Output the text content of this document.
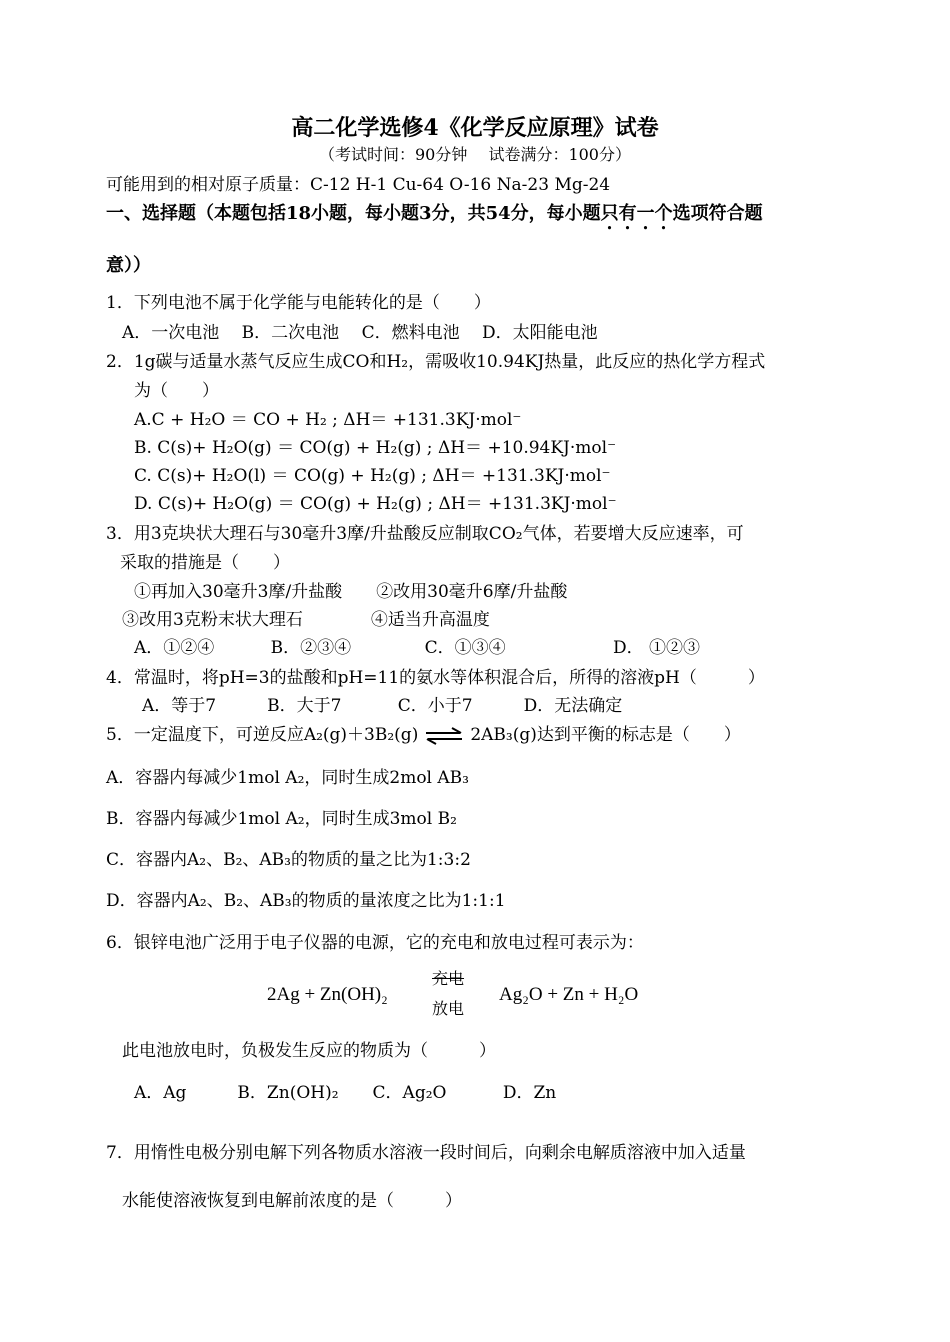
高二化学选修4《化学反应原理》试卷
（考试时间：90分钟　 试卷满分：100分）
可能用到的相对原子质量：C-12 H-1 Cu-64 O-16 Na-23 Mg-24
一、选择题（本题包括18小题，每小题3分，共54分，每小题只有一个选项符合题
意））
1．下列电池不属于化学能与电能转化的是（　　）
A．一次电池　 B．二次电池　 C．燃料电池　 D．太阳能电池
2．1g碳与适量水蒸气反应生成CO和H₂，需吸收10.94KJ热量，此反应的热化学方程式
为（　　）
A.C + H₂O ＝ CO + H₂ ; ΔH＝ +131.3KJ·mol⁻
B. C(s)+ H₂O(g) ＝ CO(g) + H₂(g) ; ΔH＝ +10.94KJ·mol⁻
C. C(s)+ H₂O(l) ＝ CO(g) + H₂(g) ; ΔH＝ +131.3KJ·mol⁻
D. C(s)+ H₂O(g) ＝ CO(g) + H₂(g) ; ΔH＝ +131.3KJ·mol⁻
3．用3克块状大理石与30毫升3摩/升盐酸反应制取CO₂气体，若要增大反应速率，可
采取的措施是（　　）
①再加入30毫升3摩/升盐酸　　②改用30毫升6摩/升盐酸
③改用3克粉末状大理石　　　　④适当升高温度
A．①②④　　　 B．②③④　　　　 C．①③④　　　　　　 D． ①②③
4．常温时，将pH=3的盐酸和pH=11的氨水等体积混合后，所得的溶液pH（　　　）
A．等于7　　　B．大于7　　　 C．小于7　　　D．无法确定
5．一定温度下，可逆反应A₂(g)＋3B₂(g) ⇌ 2AB₃(g)达到平衡的标志是（　　）
A．容器内每减少1mol A₂，同时生成2mol AB₃
B．容器内每减少1mol A₂，同时生成3mol B₂
C．容器内A₂、B₂、AB₃的物质的量之比为1:3:2
D．容器内A₂、B₂、AB₃的物质的量浓度之比为1:1:1
6．银锌电池广泛用于电子仪器的电源，它的充电和放电过程可表示为：
2Ag + Zn(OH)₂
充电
放电
Ag₂O + Zn + H₂O
此电池放电时，负极发生反应的物质为（　　　）
A．Ag　　　B．Zn(OH)₂　　C．Ag₂O　　　 D．Zn
7．用惰性电极分别电解下列各物质水溶液一段时间后，向剩余电解质溶液中加入适量
水能使溶液恢复到电解前浓度的是（　　　）
